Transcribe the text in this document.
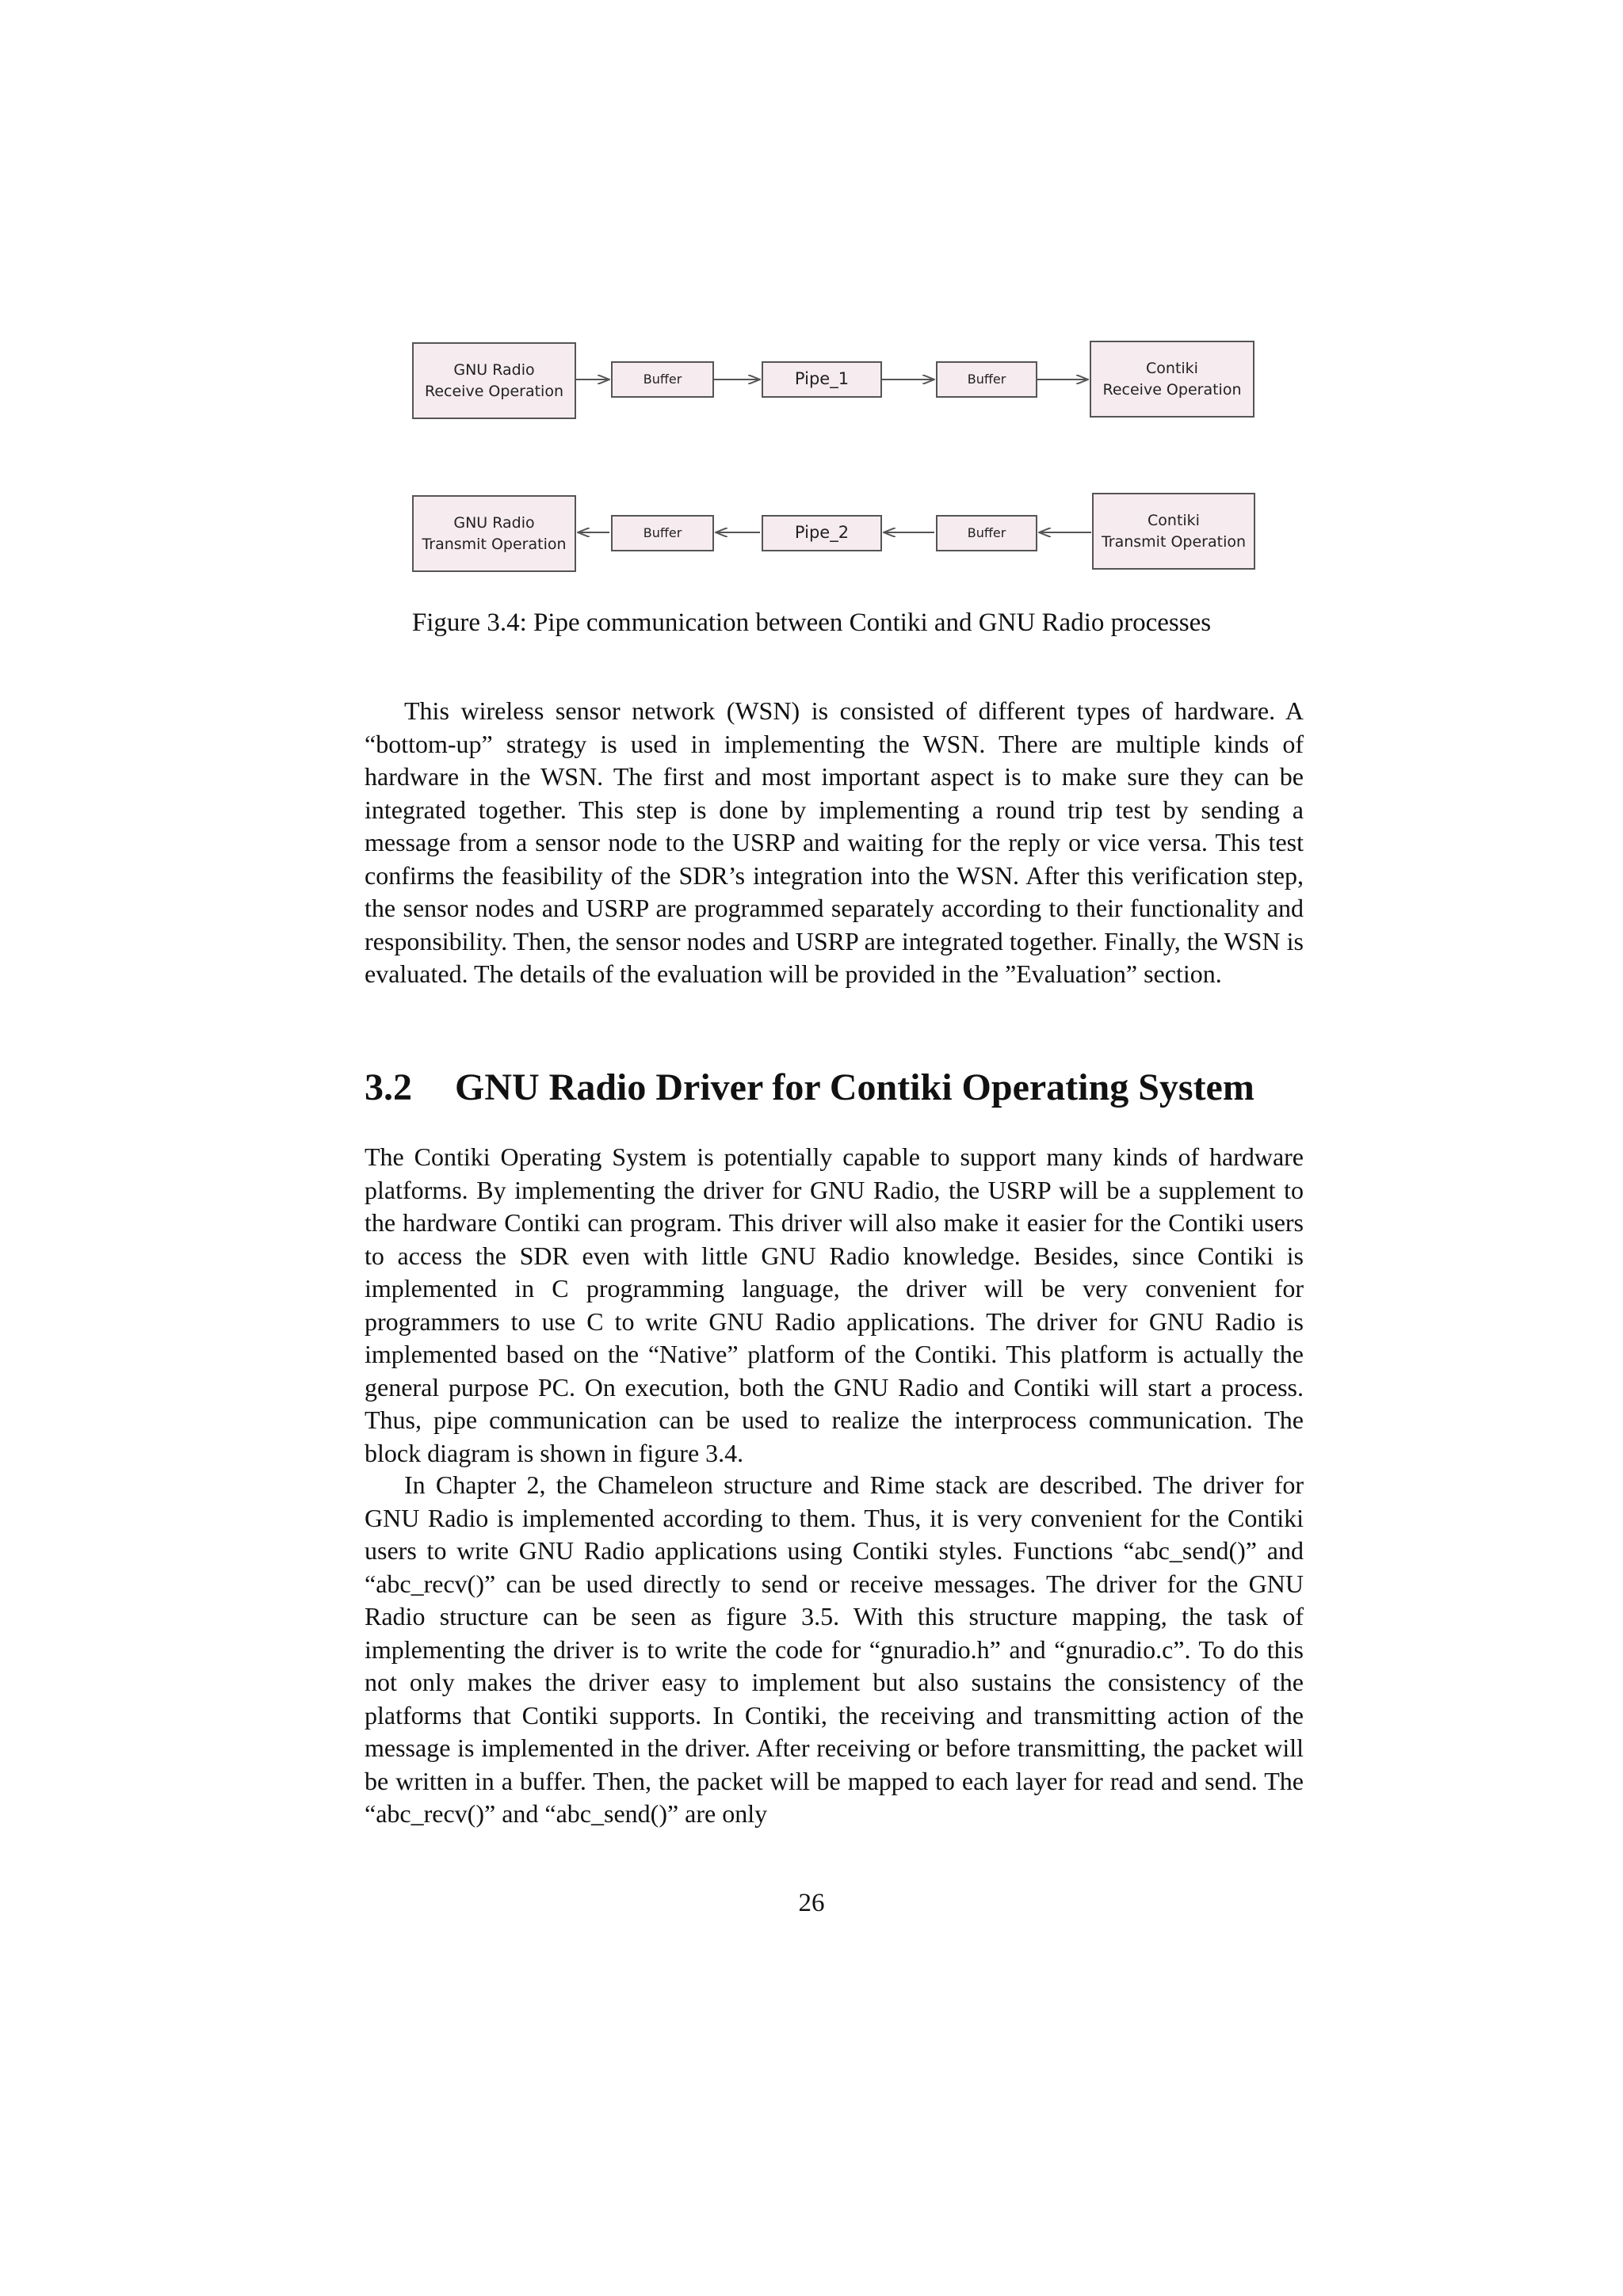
GNU Radio
Receive Operation
Buffer	Pipe_1	Buffer
Contiki
Receive Operation
GNU Radio
Transmit Operation
Buffer	Pipe_2	Buffer
Contiki
Transmit Operation
Figure 3.4: Pipe communication between Contiki and GNU Radio processes

This wireless sensor network (WSN) is consisted of different types of hardware. A “bottom-up” strategy is used in implementing the WSN. There are multiple kinds of hardware in the WSN. The first and most important aspect is to make sure they can be integrated together. This step is done by implementing a round trip test by sending a message from a sensor node to the USRP and waiting for the reply or vice versa. This test confirms the feasibility of the SDR’s integration into the WSN. After this verification step, the sensor nodes and USRP are programmed separately according to their functionality and responsibility. Then, the sensor nodes and USRP are integrated together. Finally, the WSN is evaluated. The details of the evaluation will be provided in the ”Evaluation” section.

3.2 GNU Radio Driver for Contiki Operating System

The Contiki Operating System is potentially capable to support many kinds of hardware platforms. By implementing the driver for GNU Radio, the USRP will be a supplement to the hardware Contiki can program. This driver will also make it easier for the Contiki users to access the SDR even with little GNU Radio knowledge. Besides, since Contiki is implemented in C programming language, the driver will be very convenient for programmers to use C to write GNU Radio applications. The driver for GNU Radio is implemented based on the “Native” platform of the Contiki. This platform is actually the general purpose PC. On execution, both the GNU Radio and Contiki will start a process. Thus, pipe communication can be used to realize the interprocess communication. The block diagram is shown in figure 3.4.

In Chapter 2, the Chameleon structure and Rime stack are described. The driver for GNU Radio is implemented according to them. Thus, it is very convenient for the Contiki users to write GNU Radio applications using Contiki styles. Functions “abc_send()” and “abc_recv()” can be used directly to send or receive messages. The driver for the GNU Radio structure can be seen as figure 3.5. With this structure mapping, the task of implementing the driver is to write the code for “gnuradio.h” and “gnuradio.c”. To do this not only makes the driver easy to implement but also sustains the consistency of the platforms that Contiki supports. In Contiki, the receiving and transmitting action of the message is implemented in the driver. After receiving or before transmitting, the packet will be written in a buffer. Then, the packet will be mapped to each layer for read and send. The “abc_recv()” and “abc_send()” are only

26
